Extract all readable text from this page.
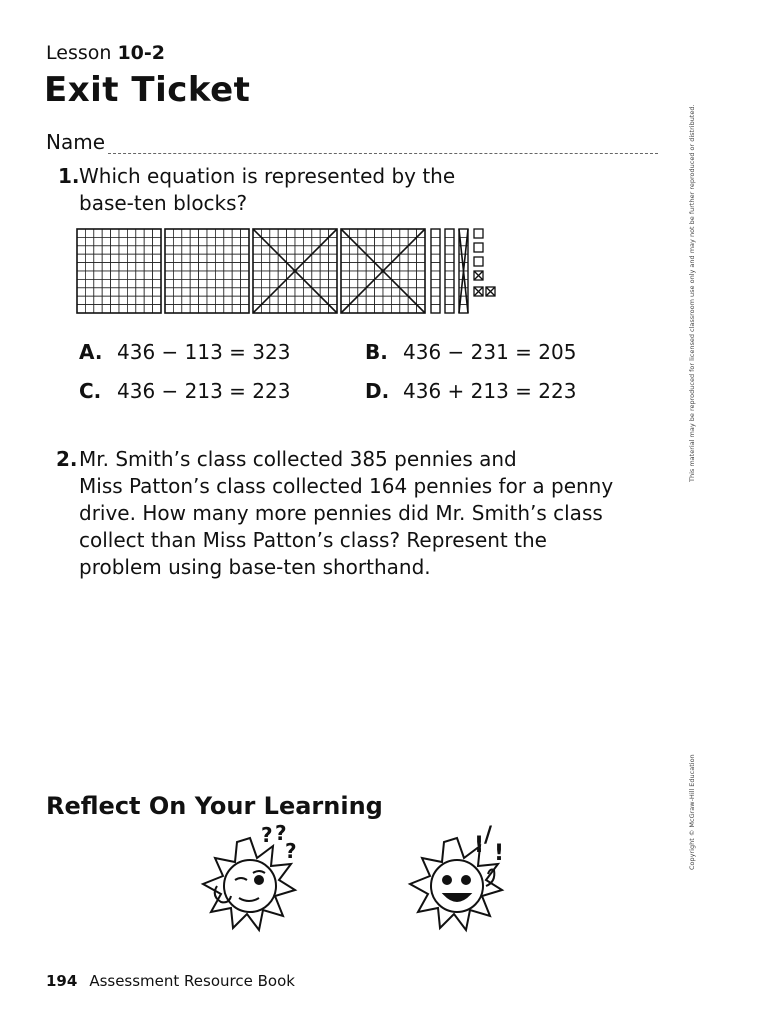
Lesson 10-2
Exit Ticket
Name
1. Which equation is represented by the
base-ten blocks?
A. 436 − 113 = 323	B. 436 − 231 = 205
C. 436 − 213 = 223	D. 436 + 213 = 223
2. Mr. Smith’s class collected 385 pennies and
Miss Patton’s class collected 164 pennies for a penny
drive. How many more pennies did Mr. Smith’s class
collect than Miss Patton’s class? Represent the
problem using base-ten shorthand.
This material may be reproduced for licensed classroom use only and may not be further reproduced or distributed.
Copyright © McGraw-Hill Education
Reflect On Your Learning
? ?
?	! /
!
194 Assessment Resource Book
